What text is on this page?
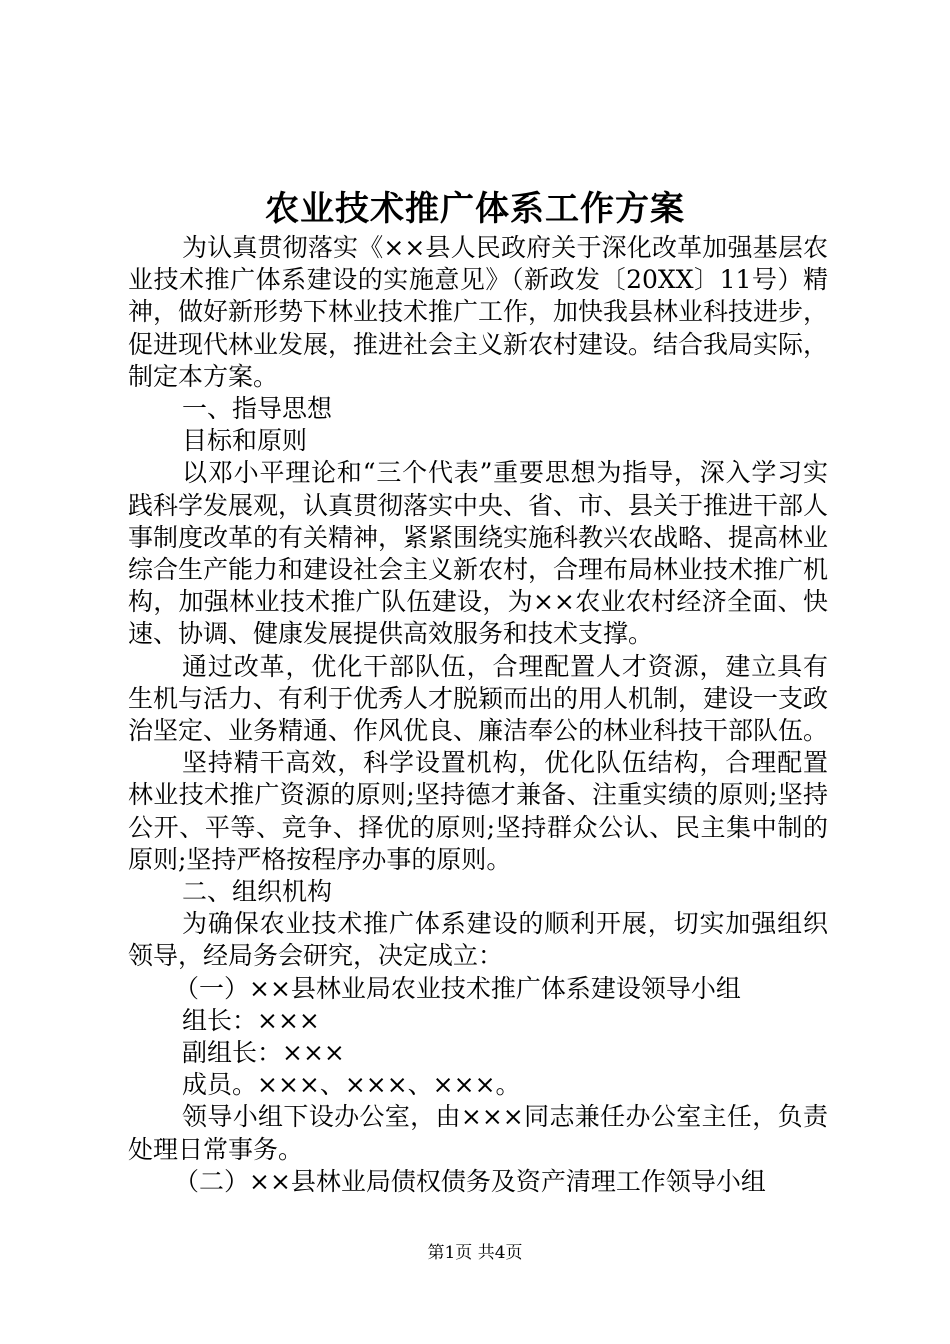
农业技术推广体系工作方案

为认真贯彻落实《××县人民政府关于深化改革加强基层农业技术推广体系建设的实施意见》（新政发〔20XX〕11号）精神，做好新形势下林业技术推广工作，加快我县林业科技进步，促进现代林业发展，推进社会主义新农村建设。结合我局实际，制定本方案。

一、指导思想

目标和原则

以邓小平理论和“三个代表”重要思想为指导，深入学习实践科学发展观，认真贯彻落实中央、省、市、县关于推进干部人事制度改革的有关精神，紧紧围绕实施科教兴农战略、提高林业综合生产能力和建设社会主义新农村，合理布局林业技术推广机构，加强林业技术推广队伍建设，为××农业农村经济全面、快速、协调、健康发展提供高效服务和技术支撑。

通过改革，优化干部队伍，合理配置人才资源，建立具有生机与活力、有利于优秀人才脱颖而出的用人机制，建设一支政治坚定、业务精通、作风优良、廉洁奉公的林业科技干部队伍。

坚持精干高效，科学设置机构，优化队伍结构，合理配置林业技术推广资源的原则;坚持德才兼备、注重实绩的原则;坚持公开、平等、竞争、择优的原则;坚持群众公认、民主集中制的原则;坚持严格按程序办事的原则。

二、组织机构

为确保农业技术推广体系建设的顺利开展，切实加强组织领导，经局务会研究，决定成立：

（一）××县林业局农业技术推广体系建设领导小组

组长：×××

副组长：×××

成员。×××、×××、×××。

领导小组下设办公室，由×××同志兼任办公室主任，负责处理日常事务。

（二）××县林业局债权债务及资产清理工作领导小组

第1页 共4页
